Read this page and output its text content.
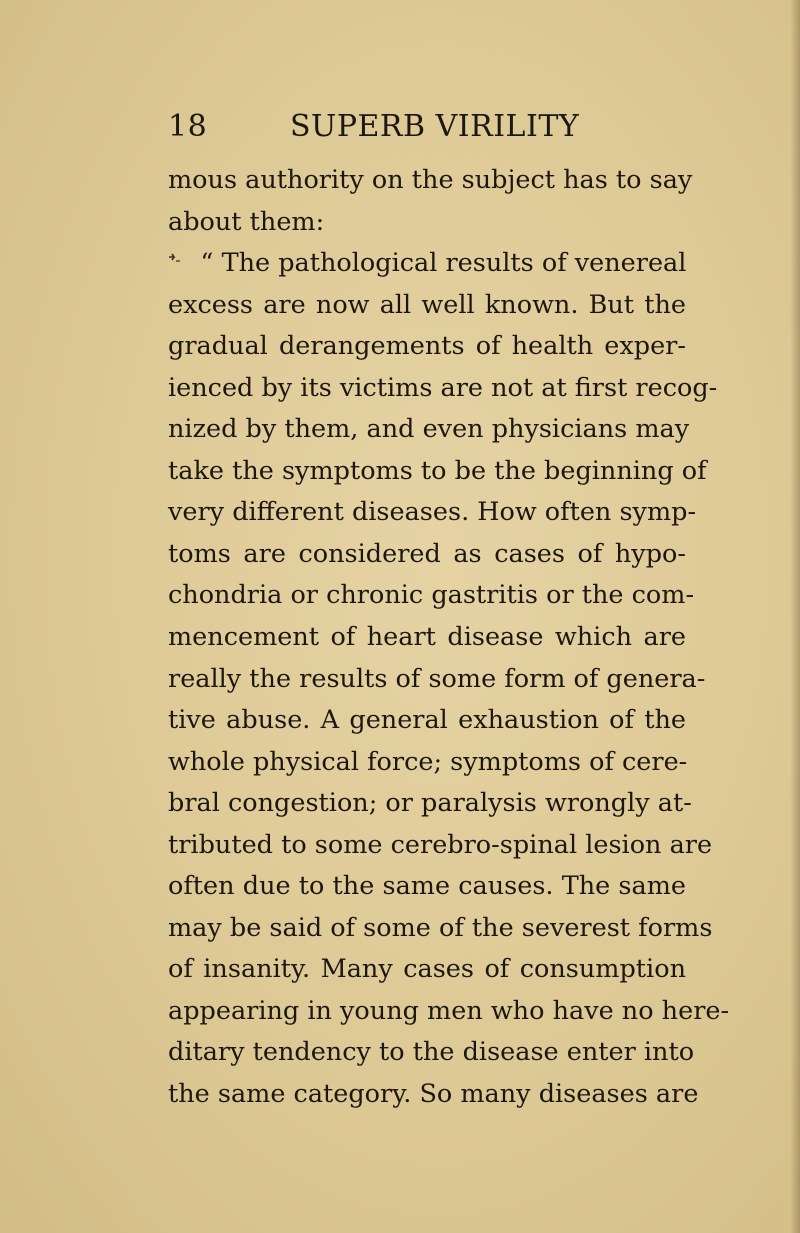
18	SUPERB VIRILITY
mous authority on the subject has to say
about them:
“ The pathological results of venereal
excess are now all well known. But the
gradual derangements of health exper-
ienced by its victims are not at first recog-
nized by them, and even physicians may
take the symptoms to be the beginning of
very different diseases. How often symp-
toms are considered as cases of hypo-
chondria or chronic gastritis or the com-
mencement of heart disease which are
really the results of some form of genera-
tive abuse. A general exhaustion of the
whole physical force; symptoms of cere-
bral congestion; or paralysis wrongly at-
tributed to some cerebro-spinal lesion are
often due to the same causes. The same
may be said of some of the severest forms
of insanity. Many cases of consumption
appearing in young men who have no here-
ditary tendency to the disease enter into
the same category. So many diseases are
